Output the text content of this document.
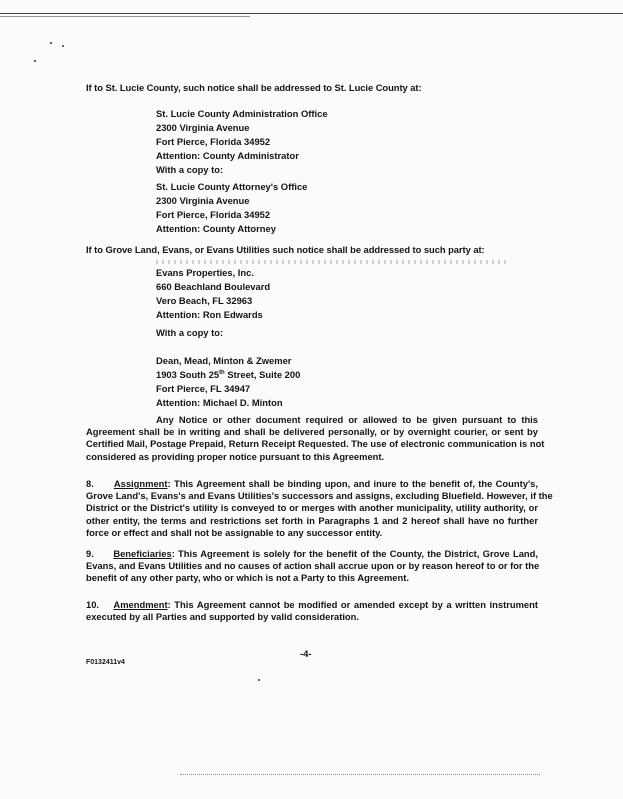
If to St. Lucie County, such notice shall be addressed to St. Lucie County at:
St. Lucie County Administration Office
2300 Virginia Avenue
Fort Pierce, Florida 34952
Attention: County Administrator
With a copy to:
St. Lucie County Attorney's Office
2300 Virginia Avenue
Fort Pierce, Florida 34952
Attention: County Attorney
If to Grove Land, Evans, or Evans Utilities such notice shall be addressed to such party at:
Evans Properties, Inc.
660 Beachland Boulevard
Vero Beach, FL 32963
Attention: Ron Edwards
With a copy to:
Dean, Mead, Minton & Zwemer
1903 South 25th Street, Suite 200
Fort Pierce, FL 34947
Attention: Michael D. Minton
Any Notice or other document required or allowed to be given pursuant to this
Agreement shall be in writing and shall be delivered personally, or by overnight courier, or sent by
Certified Mail, Postage Prepaid, Return Receipt Requested. The use of electronic communication is not
considered as providing proper notice pursuant to this Agreement.
8. Assignment: This Agreement shall be binding upon, and inure to the benefit of, the County's,
Grove Land's, Evans's and Evans Utilities's successors and assigns, excluding Bluefield. However, if the
District or the District's utility is conveyed to or merges with another municipality, utility authority, or
other entity, the terms and restrictions set forth in Paragraphs 1 and 2 hereof shall have no further
force or effect and shall not be assignable to any successor entity.
9. Beneficiaries: This Agreement is solely for the benefit of the County, the District, Grove Land,
Evans, and Evans Utilities and no causes of action shall accrue upon or by reason hereof to or for the
benefit of any other party, who or which is not a Party to this Agreement.
10. Amendment: This Agreement cannot be modified or amended except by a written instrument
executed by all Parties and supported by valid consideration.
-4-
F0132411v4
